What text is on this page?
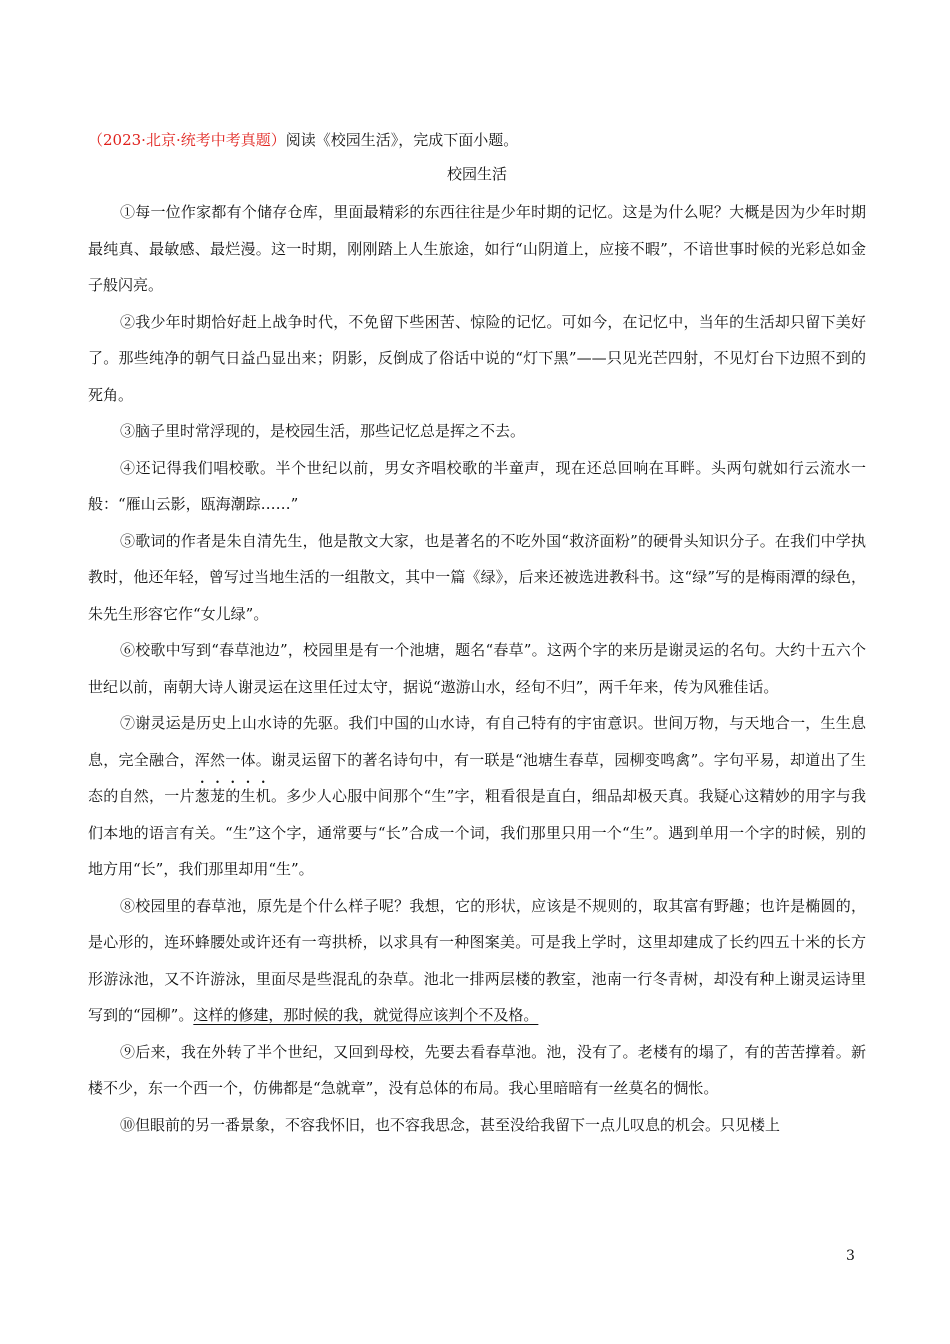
（2023·北京·统考中考真题）阅读《校园生活》，完成下面小题。

校园生活

①每一位作家都有个储存仓库，里面最精彩的东西往往是少年时期的记忆。这是为什么呢？大概是因为少年时期最纯真、最敏感、最烂漫。这一时期，刚刚踏上人生旅途，如行“山阴道上，应接不暇”，不谙世事时候的光彩总如金子般闪亮。

②我少年时期恰好赶上战争时代，不免留下些困苦、惊险的记忆。可如今，在记忆中，当年的生活却只留下美好了。那些纯净的朝气日益凸显出来；阴影，反倒成了俗话中说的“灯下黑”——只见光芒四射，不见灯台下边照不到的死角。

③脑子里时常浮现的，是校园生活，那些记忆总是挥之不去。

④还记得我们唱校歌。半个世纪以前，男女齐唱校歌的半童声，现在还总回响在耳畔。头两句就如行云流水一般：“雁山云影，瓯海潮踪……”

⑤歌词的作者是朱自清先生，他是散文大家，也是著名的不吃外国“救济面粉”的硬骨头知识分子。在我们中学执教时，他还年轻，曾写过当地生活的一组散文，其中一篇《绿》，后来还被选进教科书。这“绿”写的是梅雨潭的绿色，朱先生形容它作“女儿绿”。

⑥校歌中写到“春草池边”，校园里是有一个池塘，题名“春草”。这两个字的来历是谢灵运的名句。大约十五六个世纪以前，南朝大诗人谢灵运在这里任过太守，据说“遨游山水，经旬不归”，两千年来，传为风雅佳话。

⑦谢灵运是历史上山水诗的先驱。我们中国的山水诗，有自己特有的宇宙意识。世间万物，与天地合一，生生息息，完全融合，浑然一体。谢灵运留下的著名诗句中，有一联是“池塘生春草，园柳变鸣禽”。字句平易，却道出了生态的自然，一片葱茏的生机。多少人心服中间那个“生”字，粗看很是直白，细品却极天真。我疑心这精妙的用字与我们本地的语言有关。“生”这个字，通常要与“长”合成一个词，我们那里只用一个“生”。遇到单用一个字的时候，别的地方用“长”，我们那里却用“生”。

⑧校园里的春草池，原先是个什么样子呢？我想，它的形状，应该是不规则的，取其富有野趣；也许是椭圆的，是心形的，连环蜂腰处或许还有一弯拱桥，以求具有一种图案美。可是我上学时，这里却建成了长约四五十米的长方形游泳池，又不许游泳，里面尽是些混乱的杂草。池北一排两层楼的教室，池南一行冬青树，却没有种上谢灵运诗里写到的“园柳”。这样的修建，那时候的我，就觉得应该判个不及格。

⑨后来，我在外转了半个世纪，又回到母校，先要去看春草池。池，没有了。老楼有的塌了，有的苦苦撑着。新楼不少，东一个西一个，仿佛都是“急就章”，没有总体的布局。我心里暗暗有一丝莫名的惆怅。

⑩但眼前的另一番景象，不容我怀旧，也不容我思念，甚至没给我留下一点儿叹息的机会。只见楼上

3
